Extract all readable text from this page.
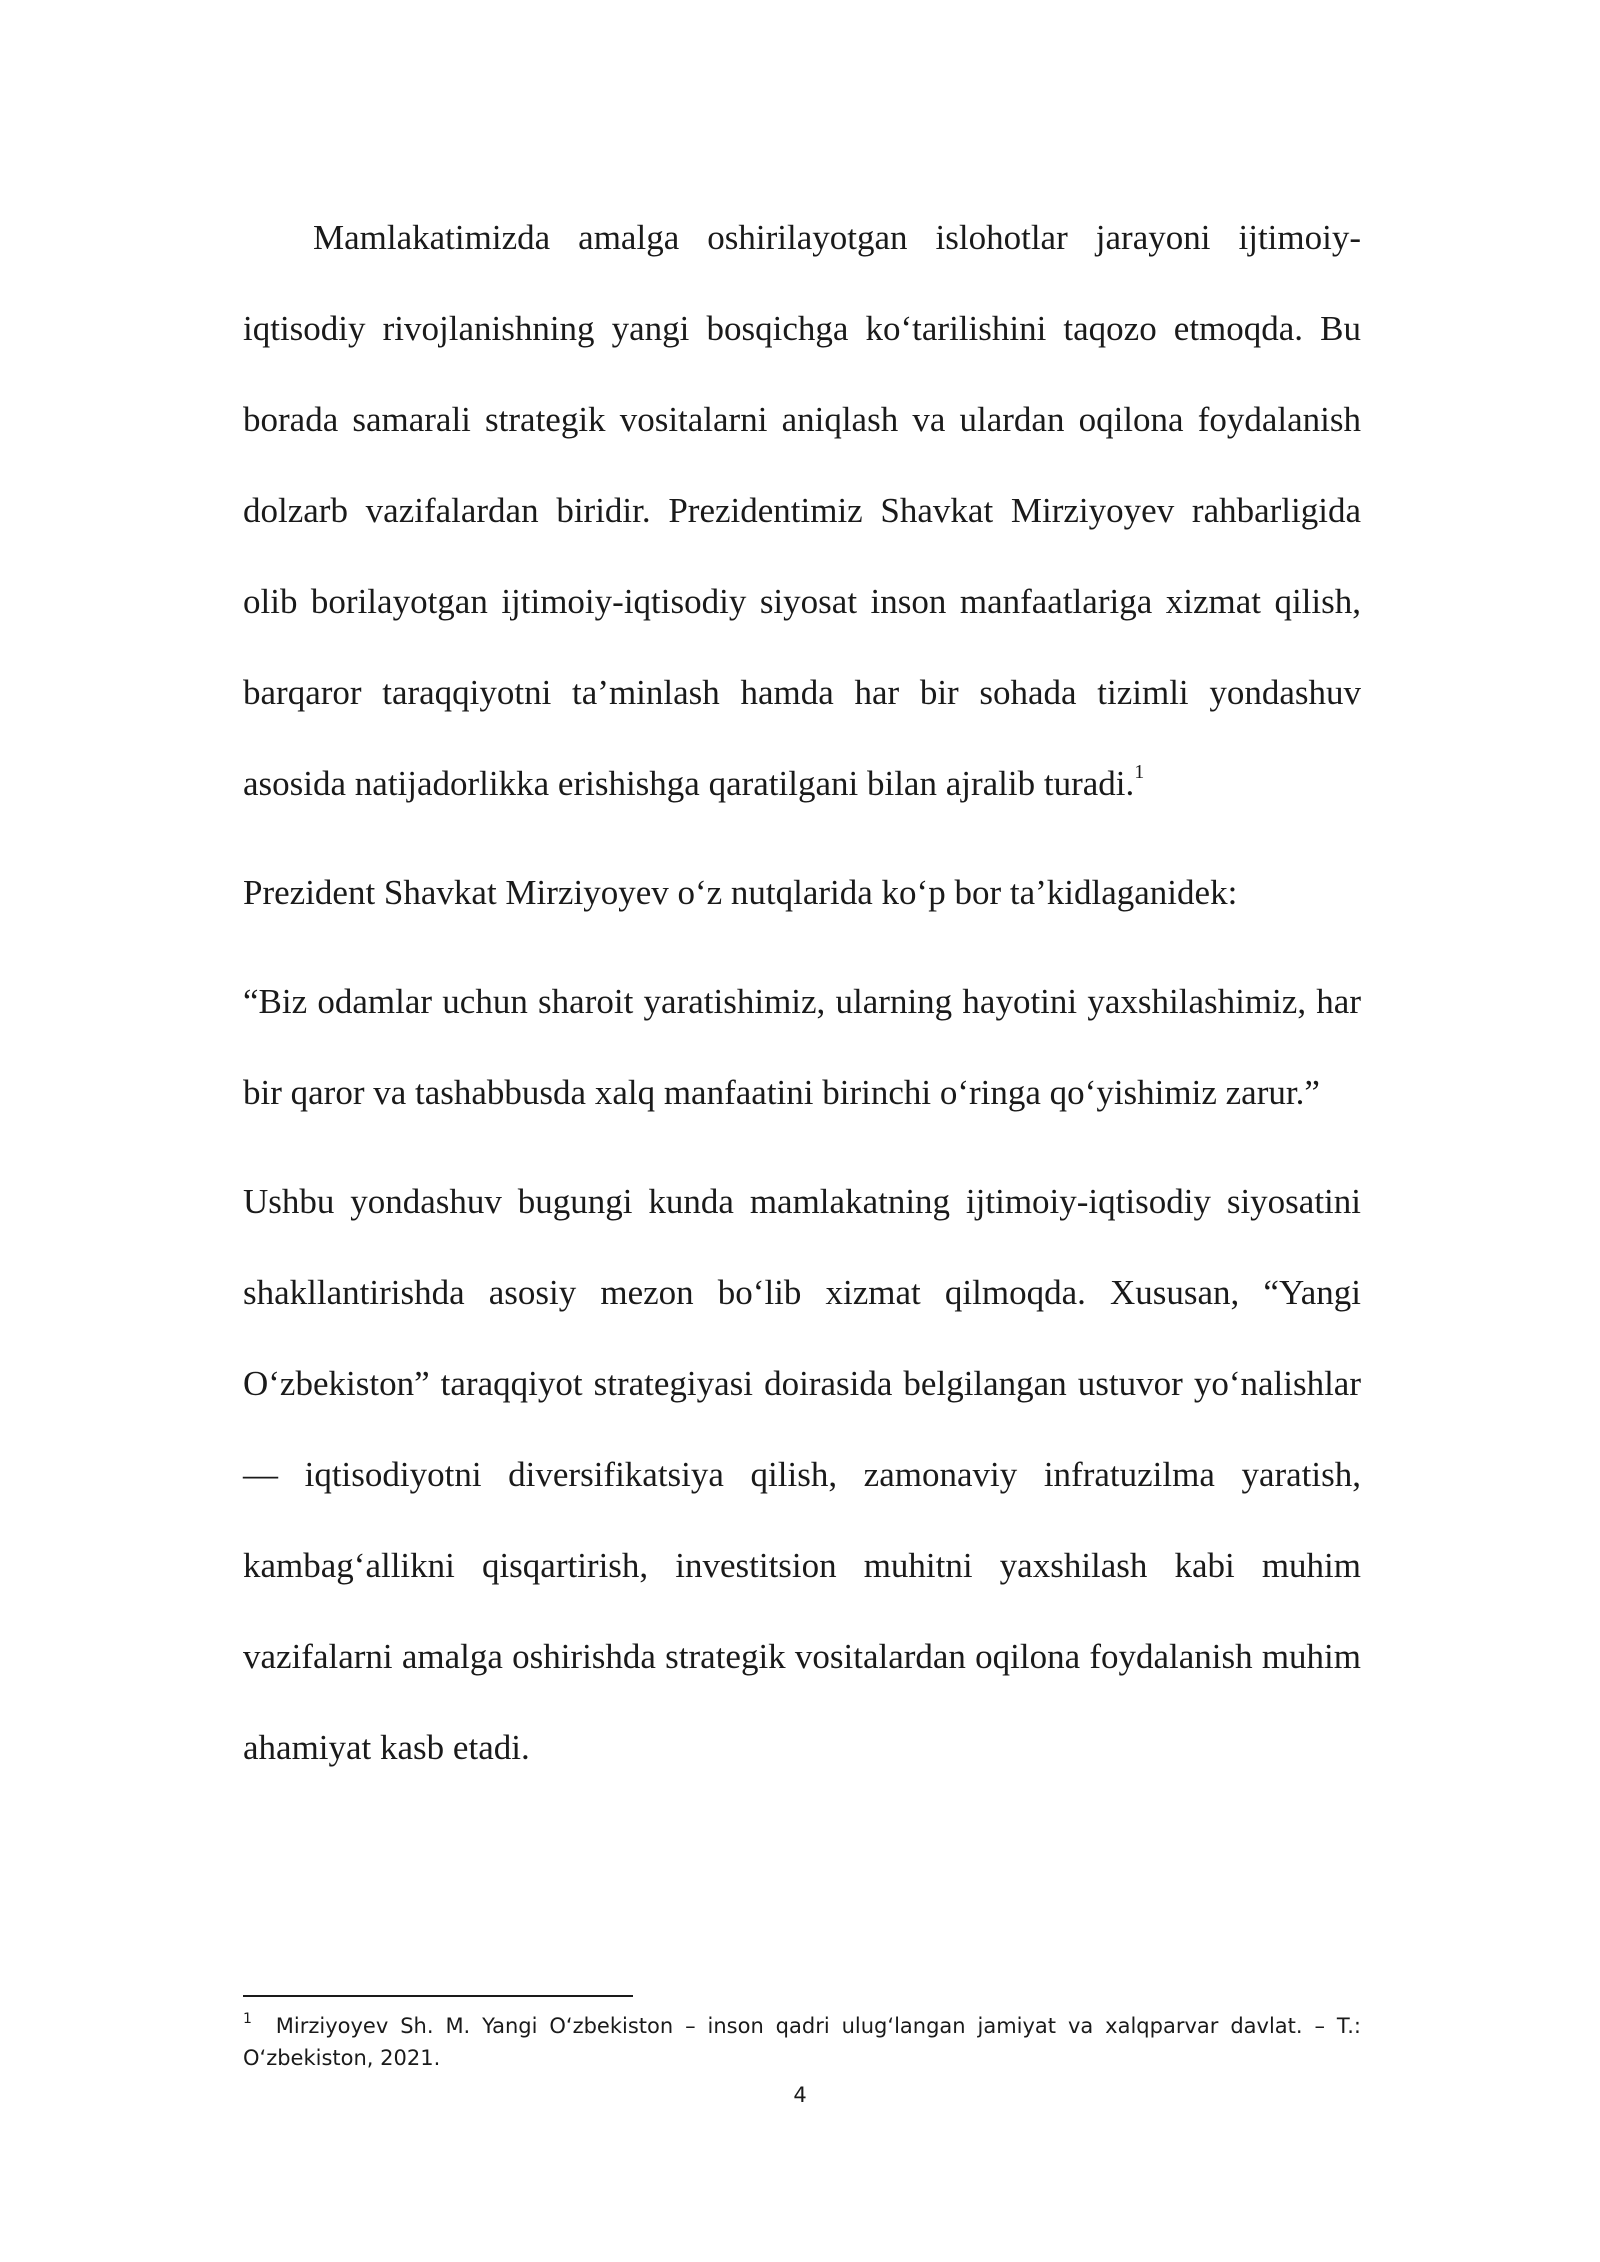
Mamlakatimizda amalga oshirilayotgan islohotlar jarayoni ijtimoiy-iqtisodiy rivojlanishning yangi bosqichga ko‘tarilishini taqozo etmoqda. Bu borada samarali strategik vositalarni aniqlash va ulardan oqilona foydalanish dolzarb vazifalardan biridir. Prezidentimiz Shavkat Mirziyoyev rahbarligida olib borilayotgan ijtimoiy-iqtisodiy siyosat inson manfaatlariga xizmat qilish, barqaror taraqqiyotni ta’minlash hamda har bir sohada tizimli yondashuv asosida natijadorlikka erishishga qaratilgani bilan ajralib turadi.$^1$

Prezident Shavkat Mirziyoyev o‘z nutqlarida ko‘p bor ta’kidlaganidek:

“Biz odamlar uchun sharoit yaratishimiz, ularning hayotini yaxshilashimiz, har bir qaror va tashabbusda xalq manfaatini birinchi o‘ringa qo‘yishimiz zarur.”

Ushbu yondashuv bugungi kunda mamlakatning ijtimoiy-iqtisodiy siyosatini shakllantirishda asosiy mezon bo‘lib xizmat qilmoqda. Xususan, “Yangi O‘zbekiston” taraqqiyot strategiyasi doirasida belgilangan ustuvor yo‘nalishlar — iqtisodiyotni diversifikatsiya qilish, zamonaviy infratuzilma yaratish, kambag‘allikni qisqartirish, investitsion muhitni yaxshilash kabi muhim vazifalarni amalga oshirishda strategik vositalardan oqilona foydalanish muhim ahamiyat kasb etadi.

$^1$ Mirziyoyev Sh. M. Yangi O‘zbekiston – inson qadri ulug‘langan jamiyat va xalqparvar davlat. – T.: O‘zbekiston, 2021.

4
